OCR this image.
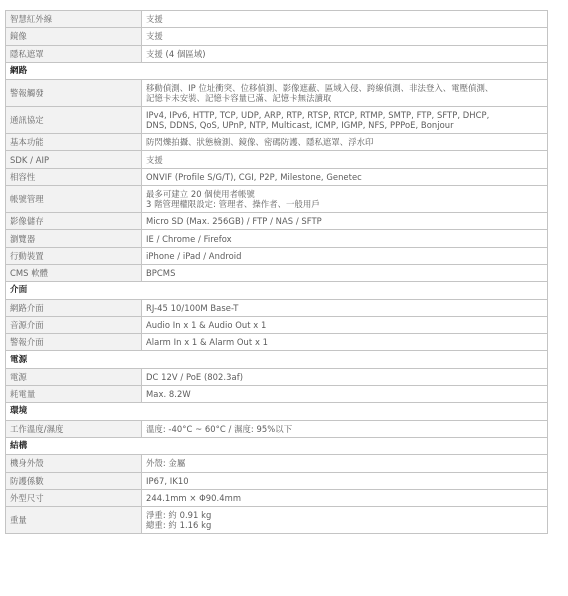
智慧紅外線	支援

鏡像	支援

隱私遮罩	支援 (4 個區域)

網路	
警報觸發	移動偵測、IP 位址衝突、位移偵測、影像遮蔽、區域入侵、跨線偵測、非法登入、電壓偵測、
記憶卡未安裝、記憶卡容量已滿、記憶卡無法讀取

通訊協定	IPv4, IPv6, HTTP, TCP, UDP, ARP, RTP, RTSP, RTCP, RTMP, SMTP, FTP, SFTP, DHCP,
DNS, DDNS, QoS, UPnP, NTP, Multicast, ICMP, IGMP, NFS, PPPoE, Bonjour

基本功能	防閃爍拍攝、狀態檢測、鏡像、密碼防護、隱私遮罩、浮水印

SDK / AIP	支援

相容性	ONVIF (Profile S/G/T), CGI, P2P, Milestone, Genetec

帳號管理	最多可建立 20 個使用者帳號
3 階管理權限設定: 管理者、操作者、一般用戶

影像儲存	Micro SD (Max. 256GB) / FTP / NAS / SFTP

瀏覽器	IE / Chrome / Firefox

行動裝置	iPhone / iPad / Android

CMS 軟體	BPCMS

介面	
網路介面	RJ-45 10/100M Base-T

音源介面	Audio In x 1 & Audio Out x 1

警報介面	Alarm In x 1 & Alarm Out x 1

電源	
電源	DC 12V / PoE (802.3af)

耗電量	Max. 8.2W

環境	
工作溫度/濕度	溫度: -40°C ~ 60°C / 濕度: 95%以下

結構	
機身外殼	外殼: 金屬

防護係數	IP67, IK10

外型尺寸	244.1mm × Φ90.4mm

重量	淨重: 約 0.91 kg
總重: 約 1.16 kg
